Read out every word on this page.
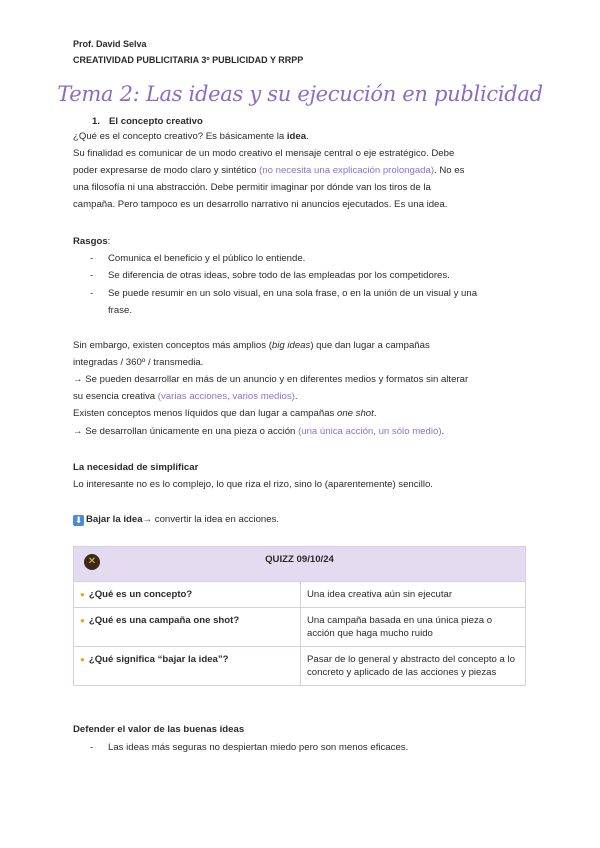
Prof. David Selva
CREATIVIDAD PUBLICITARIA 3º PUBLICIDAD Y RRPP
Tema 2: Las ideas y su ejecución en publicidad
1. El concepto creativo
¿Qué es el concepto creativo? Es básicamente la idea.
Su finalidad es comunicar de un modo creativo el mensaje central o eje estratégico. Debe
poder expresarse de modo claro y sintético (no necesita una explicación prolongada). No es
una filosofía ni una abstracción. Debe permitir imaginar por dónde van los tiros de la
campaña. Pero tampoco es un desarrollo narrativo ni anuncios ejecutados. Es una idea.
Rasgos:
- Comunica el beneficio y el público lo entiende.
- Se diferencia de otras ideas, sobre todo de las empleadas por los competidores.
- Se puede resumir en un solo visual, en una sola frase, o en la unión de un visual y una
frase.
Sin embargo, existen conceptos más amplios (big ideas) que dan lugar a campañas
integradas / 360º / transmedia.
→ Se pueden desarrollar en más de un anuncio y en diferentes medios y formatos sin alterar
su esencia creativa (varias acciones, varios medios).
Existen conceptos menos líquidos que dan lugar a campañas one shot.
→ Se desarrollan únicamente en una pieza o acción (una única acción, un sólo medio).
La necesidad de simplificar
Lo interesante no es lo complejo, lo que riza el rizo, sino lo (aparentemente) sencillo.
⬇ Bajar la idea→ convertir la idea en acciones.
✕ QUIZZ 09/10/24	
● ¿Qué es un concepto?	Una idea creativa aún sin ejecutar
● ¿Qué es una campaña one shot?	Una campaña basada en una única pieza o acción que haga mucho ruido
● ¿Qué significa “bajar la idea”?	Pasar de lo general y abstracto del concepto a lo concreto y aplicado de las acciones y piezas
Defender el valor de las buenas ideas
- Las ideas más seguras no despiertan miedo pero son menos eficaces.
